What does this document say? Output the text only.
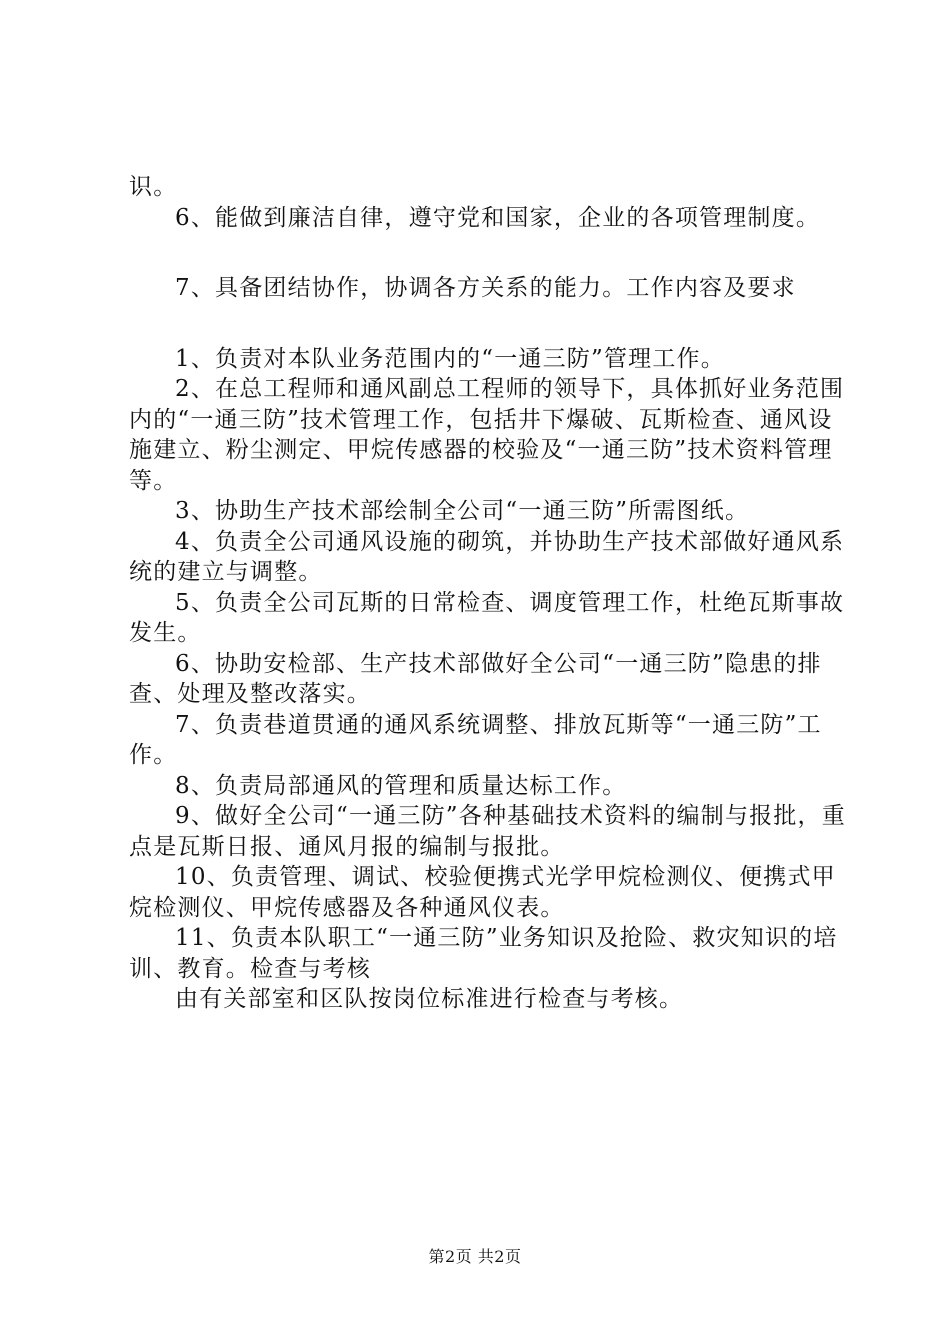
识。

6、能做到廉洁自律，遵守党和国家，企业的各项管理制度。

7、具备团结协作，协调各方关系的能力。工作内容及要求

1、负责对本队业务范围内的“一通三防”管理工作。

2、在总工程师和通风副总工程师的领导下，具体抓好业务范围内的“一通三防”技术管理工作，包括井下爆破、瓦斯检查、通风设施建立、粉尘测定、甲烷传感器的校验及“一通三防”技术资料管理等。

3、协助生产技术部绘制全公司“一通三防”所需图纸。

4、负责全公司通风设施的砌筑，并协助生产技术部做好通风系统的建立与调整。

5、负责全公司瓦斯的日常检查、调度管理工作，杜绝瓦斯事故发生。

6、协助安检部、生产技术部做好全公司“一通三防”隐患的排查、处理及整改落实。

7、负责巷道贯通的通风系统调整、排放瓦斯等“一通三防”工作。

8、负责局部通风的管理和质量达标工作。

9、做好全公司“一通三防”各种基础技术资料的编制与报批，重点是瓦斯日报、通风月报的编制与报批。

10、负责管理、调试、校验便携式光学甲烷检测仪、便携式甲烷检测仪、甲烷传感器及各种通风仪表。

11、负责本队职工“一通三防”业务知识及抢险、救灾知识的培训、教育。检查与考核

由有关部室和区队按岗位标准进行检查与考核。

第2页 共2页
